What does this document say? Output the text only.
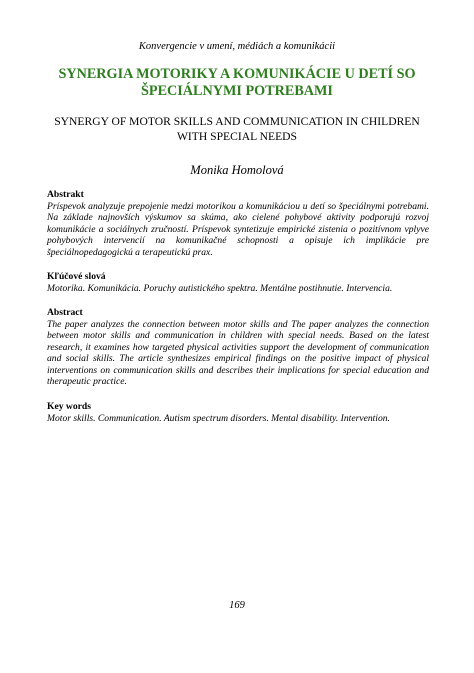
Konvergencie v umení, médiách a komunikácii
SYNERGIA MOTORIKY A KOMUNIKÁCIE U DETÍ SO ŠPECIÁLNYMI POTREBAMI
SYNERGY OF MOTOR SKILLS AND COMMUNICATION IN CHILDREN WITH SPECIAL NEEDS
Monika Homolová
Abstrakt
Príspevok analyzuje prepojenie medzi motorikou a komunikáciou u detí so špeciálnymi potrebami. Na základe najnovších výskumov sa skúma, ako cielené pohybové aktivity podporujú rozvoj komunikácie a sociálnych zručností. Príspevok syntetizuje empirické zistenia o pozitívnom vplyve pohybových intervencií na komunikačné schopnosti a opisuje ich implikácie pre špeciálnopedagogickú a terapeutickú prax.
Kľúčové slová
Motorika. Komunikácia. Poruchy autistického spektra. Mentálne postihnutie. Intervencia.
Abstract
The paper analyzes the connection between motor skills and The paper analyzes the connection between motor skills and communication in children with special needs. Based on the latest research, it examines how targeted physical activities support the development of communication and social skills. The article synthesizes empirical findings on the positive impact of physical interventions on communication skills and describes their implications for special education and therapeutic practice.
Key words
Motor skills. Communication. Autism spectrum disorders. Mental disability. Intervention.
169
